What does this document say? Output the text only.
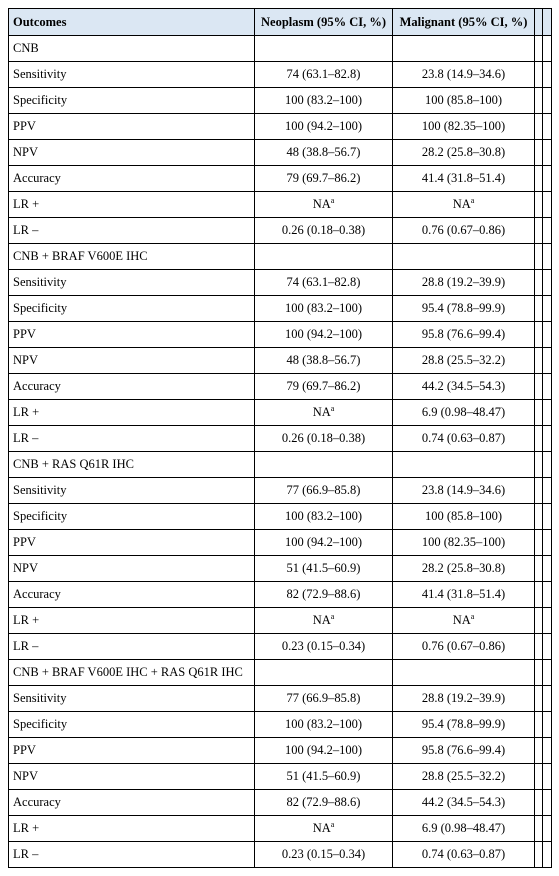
Outcomes	Neoplasm (95% CI, %)	Malignant (95% CI, %)		
CNB				
Sensitivity	74 (63.1–82.8)	23.8 (14.9–34.6)		
Specificity	100 (83.2–100)	100 (85.8–100)		
PPV	100 (94.2–100)	100 (82.35–100)		
NPV	48 (38.8–56.7)	28.2 (25.8–30.8)		
Accuracy	79 (69.7–86.2)	41.4 (31.8–51.4)		
LR +	$NA^a$	$NA^a$		
LR –	0.26 (0.18–0.38)	0.76 (0.67–0.86)		
CNB + BRAF V600E IHC				
Sensitivity	74 (63.1–82.8)	28.8 (19.2–39.9)		
Specificity	100 (83.2–100)	95.4 (78.8–99.9)		
PPV	100 (94.2–100)	95.8 (76.6–99.4)		
NPV	48 (38.8–56.7)	28.8 (25.5–32.2)		
Accuracy	79 (69.7–86.2)	44.2 (34.5–54.3)		
LR +	$NA^a$	6.9 (0.98–48.47)		
LR –	0.26 (0.18–0.38)	0.74 (0.63–0.87)		
CNB + RAS Q61R IHC				
Sensitivity	77 (66.9–85.8)	23.8 (14.9–34.6)		
Specificity	100 (83.2–100)	100 (85.8–100)		
PPV	100 (94.2–100)	100 (82.35–100)		
NPV	51 (41.5–60.9)	28.2 (25.8–30.8)		
Accuracy	82 (72.9–88.6)	41.4 (31.8–51.4)		
LR +	$NA^a$	$NA^a$		
LR –	0.23 (0.15–0.34)	0.76 (0.67–0.86)		
CNB + BRAF V600E IHC + RAS Q61R IHC				
Sensitivity	77 (66.9–85.8)	28.8 (19.2–39.9)		
Specificity	100 (83.2–100)	95.4 (78.8–99.9)		
PPV	100 (94.2–100)	95.8 (76.6–99.4)		
NPV	51 (41.5–60.9)	28.8 (25.5–32.2)		
Accuracy	82 (72.9–88.6)	44.2 (34.5–54.3)		
LR +	$NA^a$	6.9 (0.98–48.47)		
LR –	0.23 (0.15–0.34)	0.74 (0.63–0.87)		
